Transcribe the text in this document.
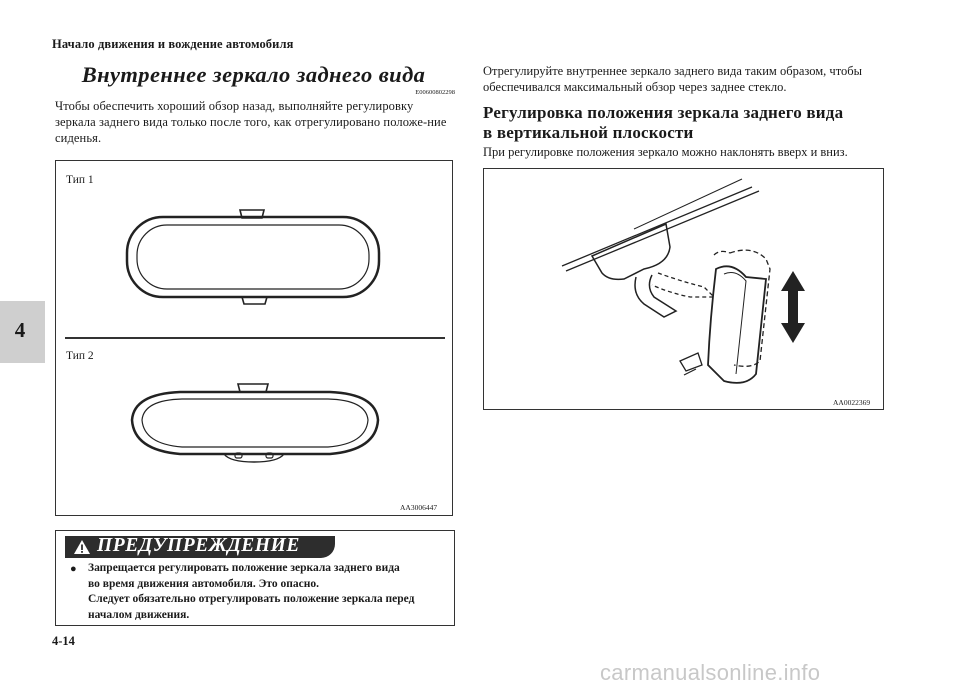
Начало движения и вождение автомобиля
4
Внутреннее зеркало заднего вида
E00600802298
Чтобы обеспечить хороший обзор назад, выполняйте регулировку зеркала заднего вида только после того, как отрегулировано положе-ние сиденья.
Тип 1
Тип 2
AA3006447
ПРЕДУПРЕЖДЕНИЕ
● Запрещается регулировать положение зеркала заднего вида
во время движения автомобиля. Это опасно.
Следует обязательно отрегулировать положение зеркала перед
началом движения.
Отрегулируйте внутреннее зеркало заднего вида таким образом, чтобы обеспечивался максимальный обзор через заднее стекло.
Регулировка положения зеркала заднего вида
в вертикальной плоскости
При регулировке положения зеркало можно наклонять вверх и вниз.
AA0022369
4-14
carmanualsonline.info
